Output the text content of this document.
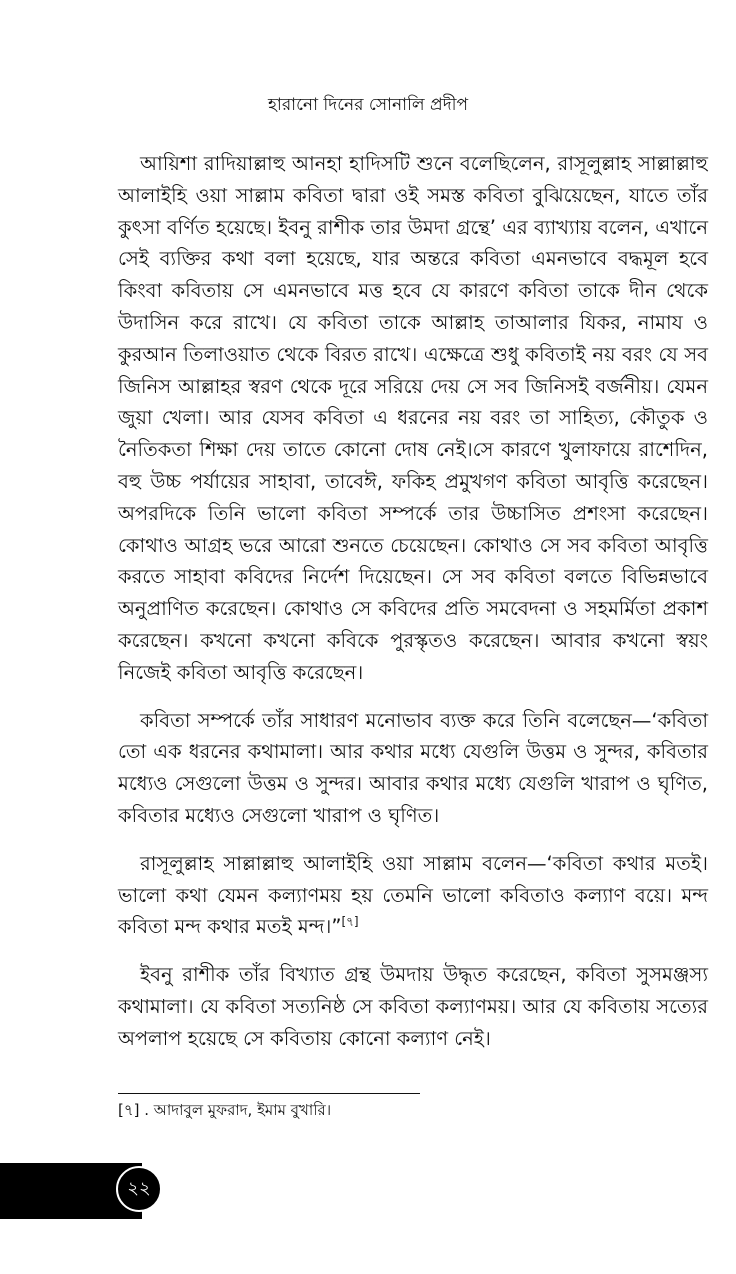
হারানো দিনের সোনালি প্রদীপ

আয়িশা রাদিয়াল্লাহু আনহা হাদিসটি শুনে বলেছিলেন, রাসূলুল্লাহ সাল্লাল্লাহু আলাইহি ওয়া সাল্লাম কবিতা দ্বারা ওই সমস্ত কবিতা বুঝিয়েছেন, যাতে তাঁর কুৎসা বর্ণিত হয়েছে। ইবনু রাশীক তার উমদা গ্রন্থে’ এর ব্যাখ্যায় বলেন, এখানে সেই ব্যক্তির কথা বলা হয়েছে, যার অন্তরে কবিতা এমনভাবে বদ্ধমূল হবে কিংবা কবিতায় সে এমনভাবে মত্ত হবে যে কারণে কবিতা তাকে দীন থেকে উদাসিন করে রাখে। যে কবিতা তাকে আল্লাহ তাআলার যিকর, নামায ও কুরআন তিলাওয়াত থেকে বিরত রাখে। এক্ষেত্রে শুধু কবিতাই নয় বরং যে সব জিনিস আল্লাহর স্বরণ থেকে দূরে সরিয়ে দেয় সে সব জিনিসই বর্জনীয়। যেমন জুয়া খেলা। আর যেসব কবিতা এ ধরনের নয় বরং তা সাহিত্য, কৌতুক ও নৈতিকতা শিক্ষা দেয় তাতে কোনো দোষ নেই।সে কারণে খুলাফায়ে রাশেদিন, বহু উচ্চ পর্যায়ের সাহাবা, তাবেঈ, ফকিহ প্রমুখগণ কবিতা আবৃত্তি করেছেন। অপরদিকে তিনি ভালো কবিতা সম্পর্কে তার উচ্চাসিত প্রশংসা করেছেন। কোথাও আগ্রহ ভরে আরো শুনতে চেয়েছেন। কোথাও সে সব কবিতা আবৃত্তি করতে সাহাবা কবিদের নির্দেশ দিয়েছেন। সে সব কবিতা বলতে বিভিন্নভাবে অনুপ্রাণিত করেছেন। কোথাও সে কবিদের প্রতি সমবেদনা ও সহমর্মিতা প্রকাশ করেছেন। কখনো কখনো কবিকে পুরস্কৃতও করেছেন। আবার কখনো স্বয়ং নিজেই কবিতা আবৃত্তি করেছেন।

কবিতা সম্পর্কে তাঁর সাধারণ মনোভাব ব্যক্ত করে তিনি বলেছেন—‘কবিতা তো এক ধরনের কথামালা। আর কথার মধ্যে যেগুলি উত্তম ও সুন্দর, কবিতার মধ্যেও সেগুলো উত্তম ও সুন্দর। আবার কথার মধ্যে যেগুলি খারাপ ও ঘৃণিত, কবিতার মধ্যেও সেগুলো খারাপ ও ঘৃণিত।

রাসূলুল্লাহ সাল্লাল্লাহু আলাইহি ওয়া সাল্লাম বলেন—‘কবিতা কথার মতই। ভালো কথা যেমন কল্যাণময় হয় তেমনি ভালো কবিতাও কল্যাণ বয়ে। মন্দ কবিতা মন্দ কথার মতই মন্দ।”[৭]

ইবনু রাশীক তাঁর বিখ্যাত গ্রন্থ উমদায় উদ্ধৃত করেছেন, কবিতা সুসমঞ্জস্য কথামালা। যে কবিতা সত্যনিষ্ঠ সে কবিতা কল্যাণময়। আর যে কবিতায় সত্যের অপলাপ হয়েছে সে কবিতায় কোনো কল্যাণ নেই।

[৭] . আদাবুল মুফরাদ, ইমাম বুখারি।
২২
